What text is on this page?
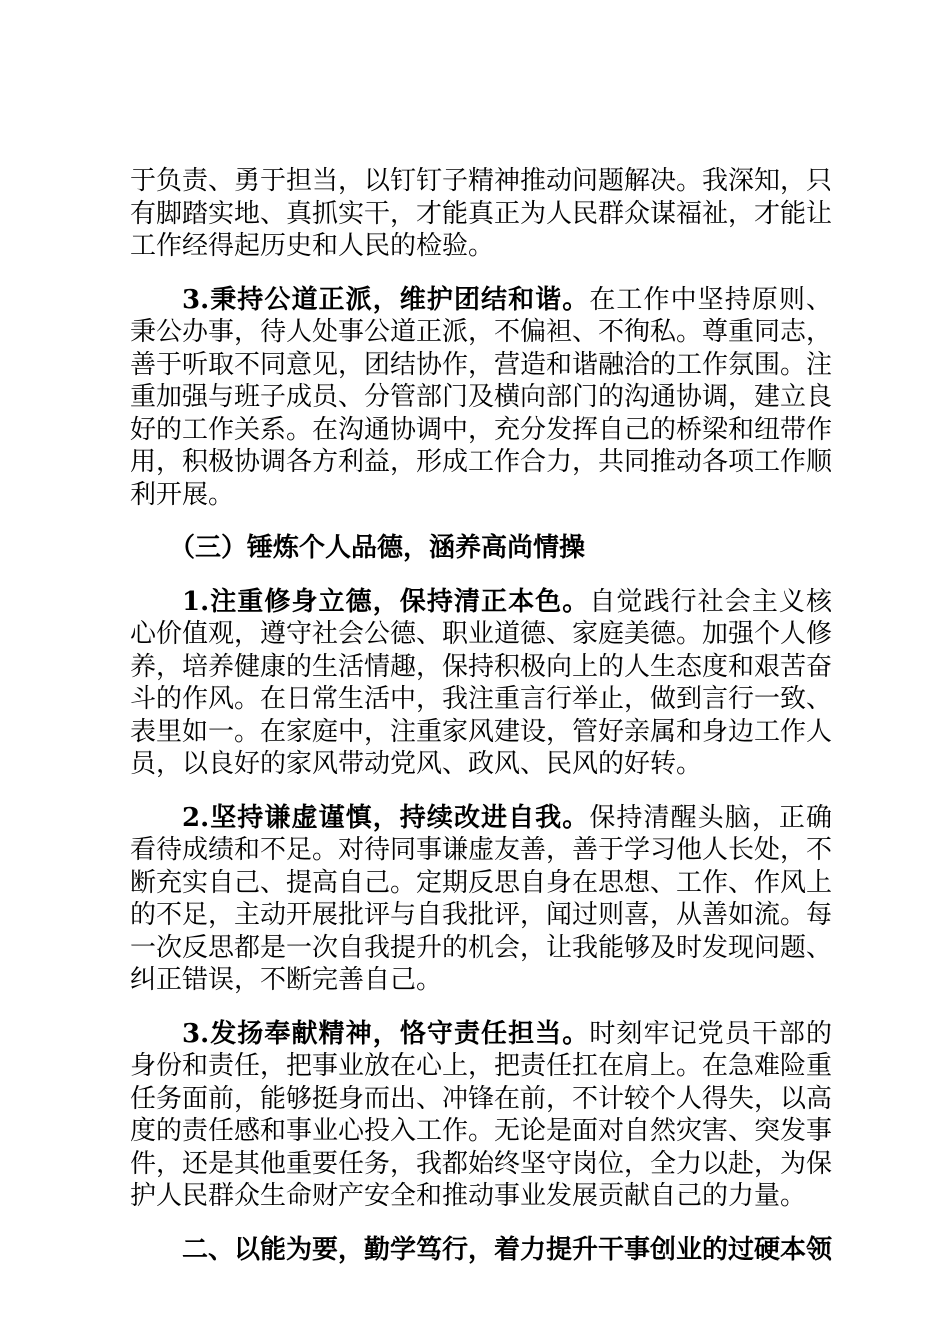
于负责、勇于担当，以钉钉子精神推动问题解决。我深知，只有脚踏实地、真抓实干，才能真正为人民群众谋福祉，才能让工作经得起历史和人民的检验。

3.秉持公道正派，维护团结和谐。在工作中坚持原则、秉公办事，待人处事公道正派，不偏袒、不徇私。尊重同志，善于听取不同意见，团结协作，营造和谐融洽的工作氛围。注重加强与班子成员、分管部门及横向部门的沟通协调，建立良好的工作关系。在沟通协调中，充分发挥自己的桥梁和纽带作用，积极协调各方利益，形成工作合力，共同推动各项工作顺利开展。

（三）锤炼个人品德，涵养高尚情操

1.注重修身立德，保持清正本色。自觉践行社会主义核心价值观，遵守社会公德、职业道德、家庭美德。加强个人修养，培养健康的生活情趣，保持积极向上的人生态度和艰苦奋斗的作风。在日常生活中，我注重言行举止，做到言行一致、表里如一。在家庭中，注重家风建设，管好亲属和身边工作人员，以良好的家风带动党风、政风、民风的好转。

2.坚持谦虚谨慎，持续改进自我。保持清醒头脑，正确看待成绩和不足。对待同事谦虚友善，善于学习他人长处，不断充实自己、提高自己。定期反思自身在思想、工作、作风上的不足，主动开展批评与自我批评，闻过则喜，从善如流。每一次反思都是一次自我提升的机会，让我能够及时发现问题、纠正错误，不断完善自己。

3.发扬奉献精神，恪守责任担当。时刻牢记党员干部的身份和责任，把事业放在心上，把责任扛在肩上。在急难险重任务面前，能够挺身而出、冲锋在前，不计较个人得失，以高度的责任感和事业心投入工作。无论是面对自然灾害、突发事件，还是其他重要任务，我都始终坚守岗位，全力以赴，为保护人民群众生命财产安全和推动事业发展贡献自己的力量。

二、以能为要，勤学笃行，着力提升干事创业的过硬本领
